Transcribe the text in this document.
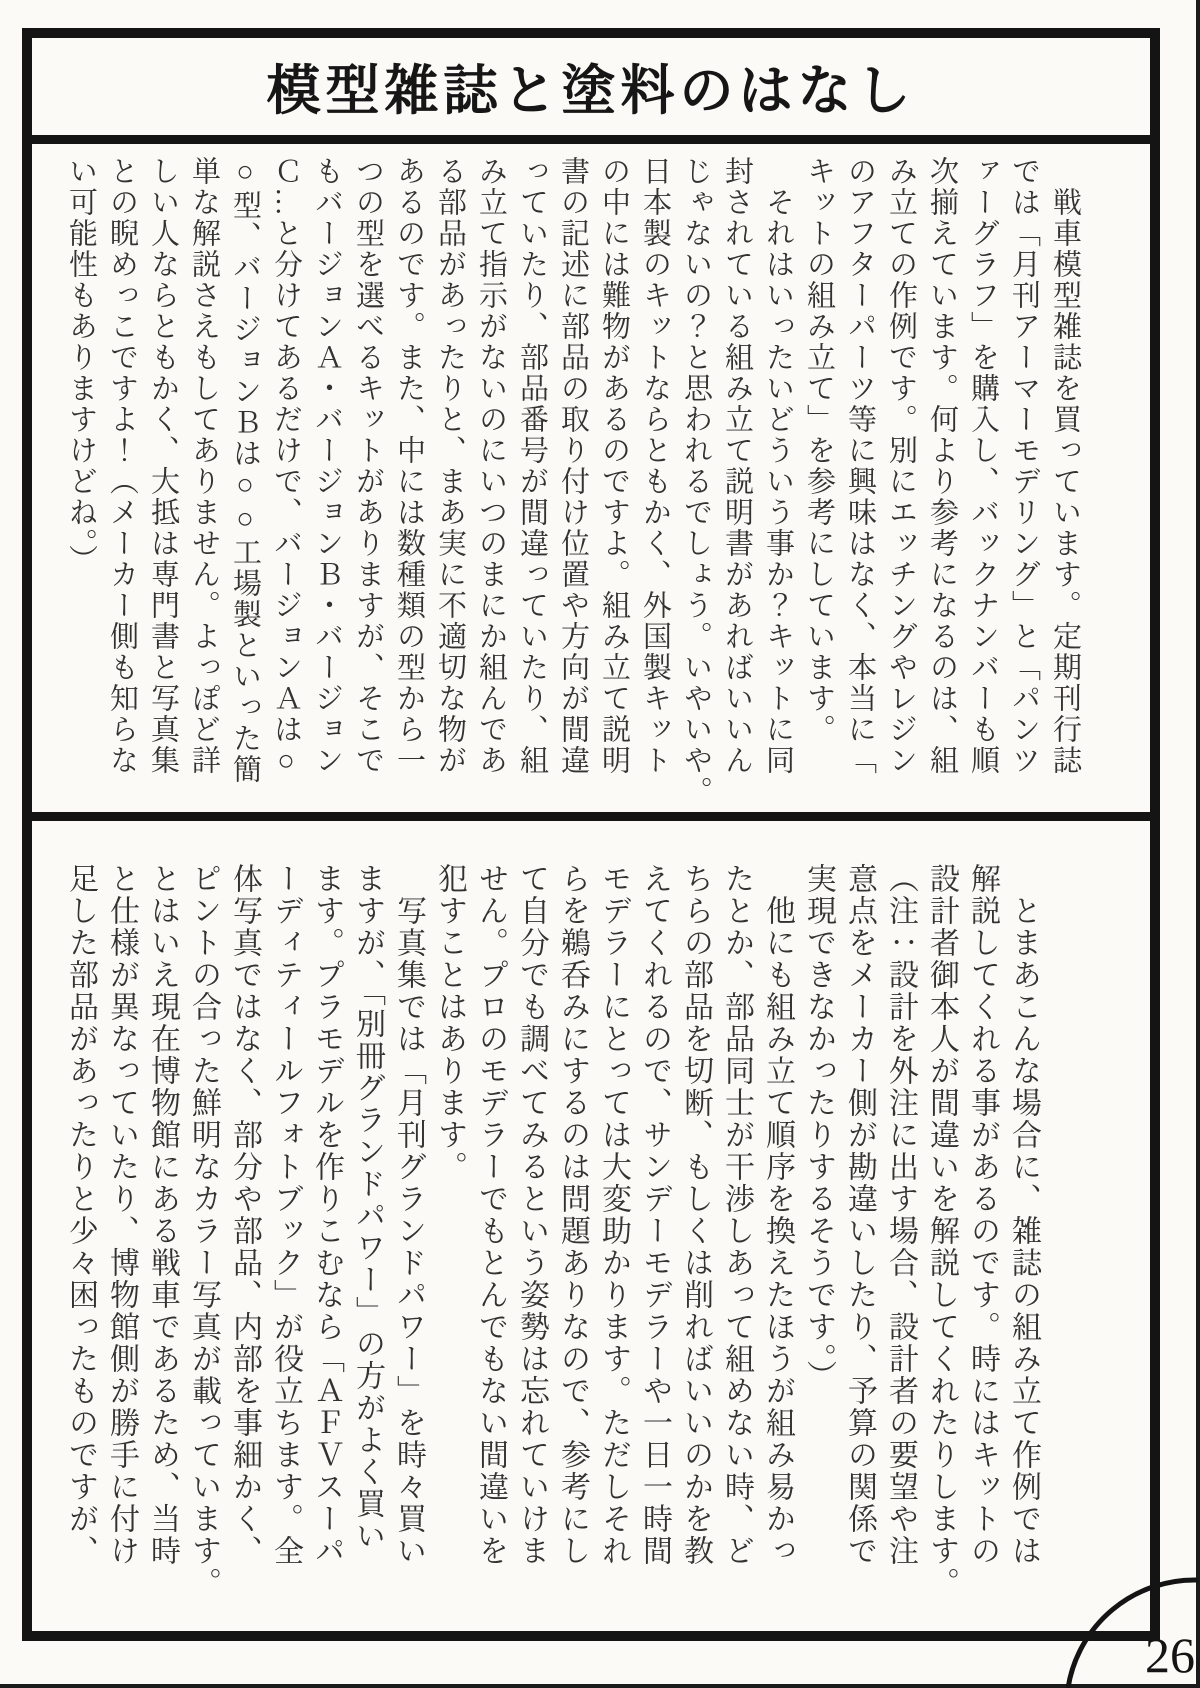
模型雑誌と塗料のはなし
　戦車模型雑誌を買っています。定期刊行誌
では「月刊アーマーモデリング」と「パンツ
ァーグラフ」を購入し、バックナンバーも順
次揃えています。何より参考になるのは、組
み立ての作例です。別にエッチングやレジン
のアフターパーツ等に興味はなく、本当に「
キットの組み立て」を参考にしています。
　それはいったいどういう事か？キットに同
封されている組み立て説明書があればいいん
じゃないの？と思われるでしょう。いやいや。
日本製のキットならともかく、外国製キット
の中には難物があるのですよ。組み立て説明
書の記述に部品の取り付け位置や方向が間違
っていたり、部品番号が間違っていたり、組
み立て指示がないのにいつのまにか組んであ
る部品があったりと、まあ実に不適切な物が
あるのです。また、中には数種類の型から一
つの型を選べるキットがありますが、そこで
もバージョンＡ・バージョンＢ・バージョン
Ｃ…と分けてあるだけで、バージョンＡは○
○型、バージョンＢは○○工場製といった簡
単な解説さえもしてありません。よっぽど詳
しい人ならともかく、大抵は専門書と写真集
との睨めっこですよ！（メーカー側も知らな
い可能性もありますけどね。）
　とまあこんな場合に、雑誌の組み立て作例では
解説してくれる事があるのです。時にはキットの
設計者御本人が間違いを解説してくれたりします。
（注：設計を外注に出す場合、設計者の要望や注
意点をメーカー側が勘違いしたり、予算の関係で
実現できなかったりするそうです。）
　他にも組み立て順序を換えたほうが組み易かっ
たとか、部品同士が干渉しあって組めない時、ど
ちらの部品を切断、もしくは削ればいいのかを教
えてくれるので、サンデーモデラーや一日一時間
モデラーにとっては大変助かります。ただしそれ
らを鵜呑みにするのは問題ありなので、参考にし
て自分でも調べてみるという姿勢は忘れていけま
せん。プロのモデラーでもとんでもない間違いを
犯すことはあります。
　写真集では「月刊グランドパワー」を時々買い
ますが、「別冊グランドパワー」の方がよく買い
ます。プラモデルを作りこむなら「ＡＦＶスーパ
ーディティールフォトブック」が役立ちます。全
体写真ではなく、部分や部品、内部を事細かく、
ピントの合った鮮明なカラー写真が載っています。
とはいえ現在博物館にある戦車であるため、当時
と仕様が異なっていたり、博物館側が勝手に付け
足した部品があったりと少々困ったものですが、
26
